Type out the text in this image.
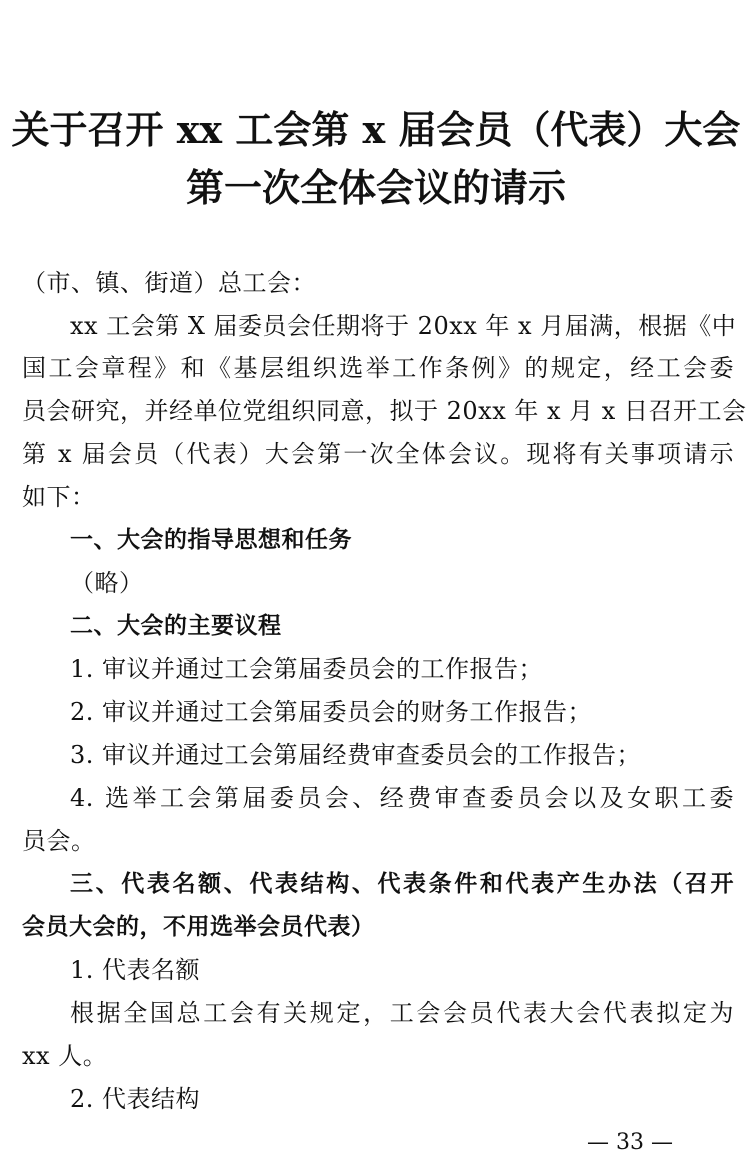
关于召开 xx 工会第 x 届会员（代表）大会
第一次全体会议的请示
（市、镇、街道）总工会：
xx 工会第 X 届委员会任期将于 20xx 年 x 月届满，根据《中
国工会章程》和《基层组织选举工作条例》的规定，经工会委
员会研究，并经单位党组织同意，拟于 20xx 年 x 月 x 日召开工会
第 x 届会员（代表）大会第一次全体会议。现将有关事项请示
如下：
一、大会的指导思想和任务
（略）
二、大会的主要议程
1. 审议并通过工会第届委员会的工作报告；
2. 审议并通过工会第届委员会的财务工作报告；
3. 审议并通过工会第届经费审查委员会的工作报告；
4. 选举工会第届委员会、经费审查委员会以及女职工委
员会。
三、代表名额、代表结构、代表条件和代表产生办法（召开
会员大会的，不用选举会员代表）
1. 代表名额
根据全国总工会有关规定，工会会员代表大会代表拟定为
xx 人。
2. 代表结构
— 33 —
